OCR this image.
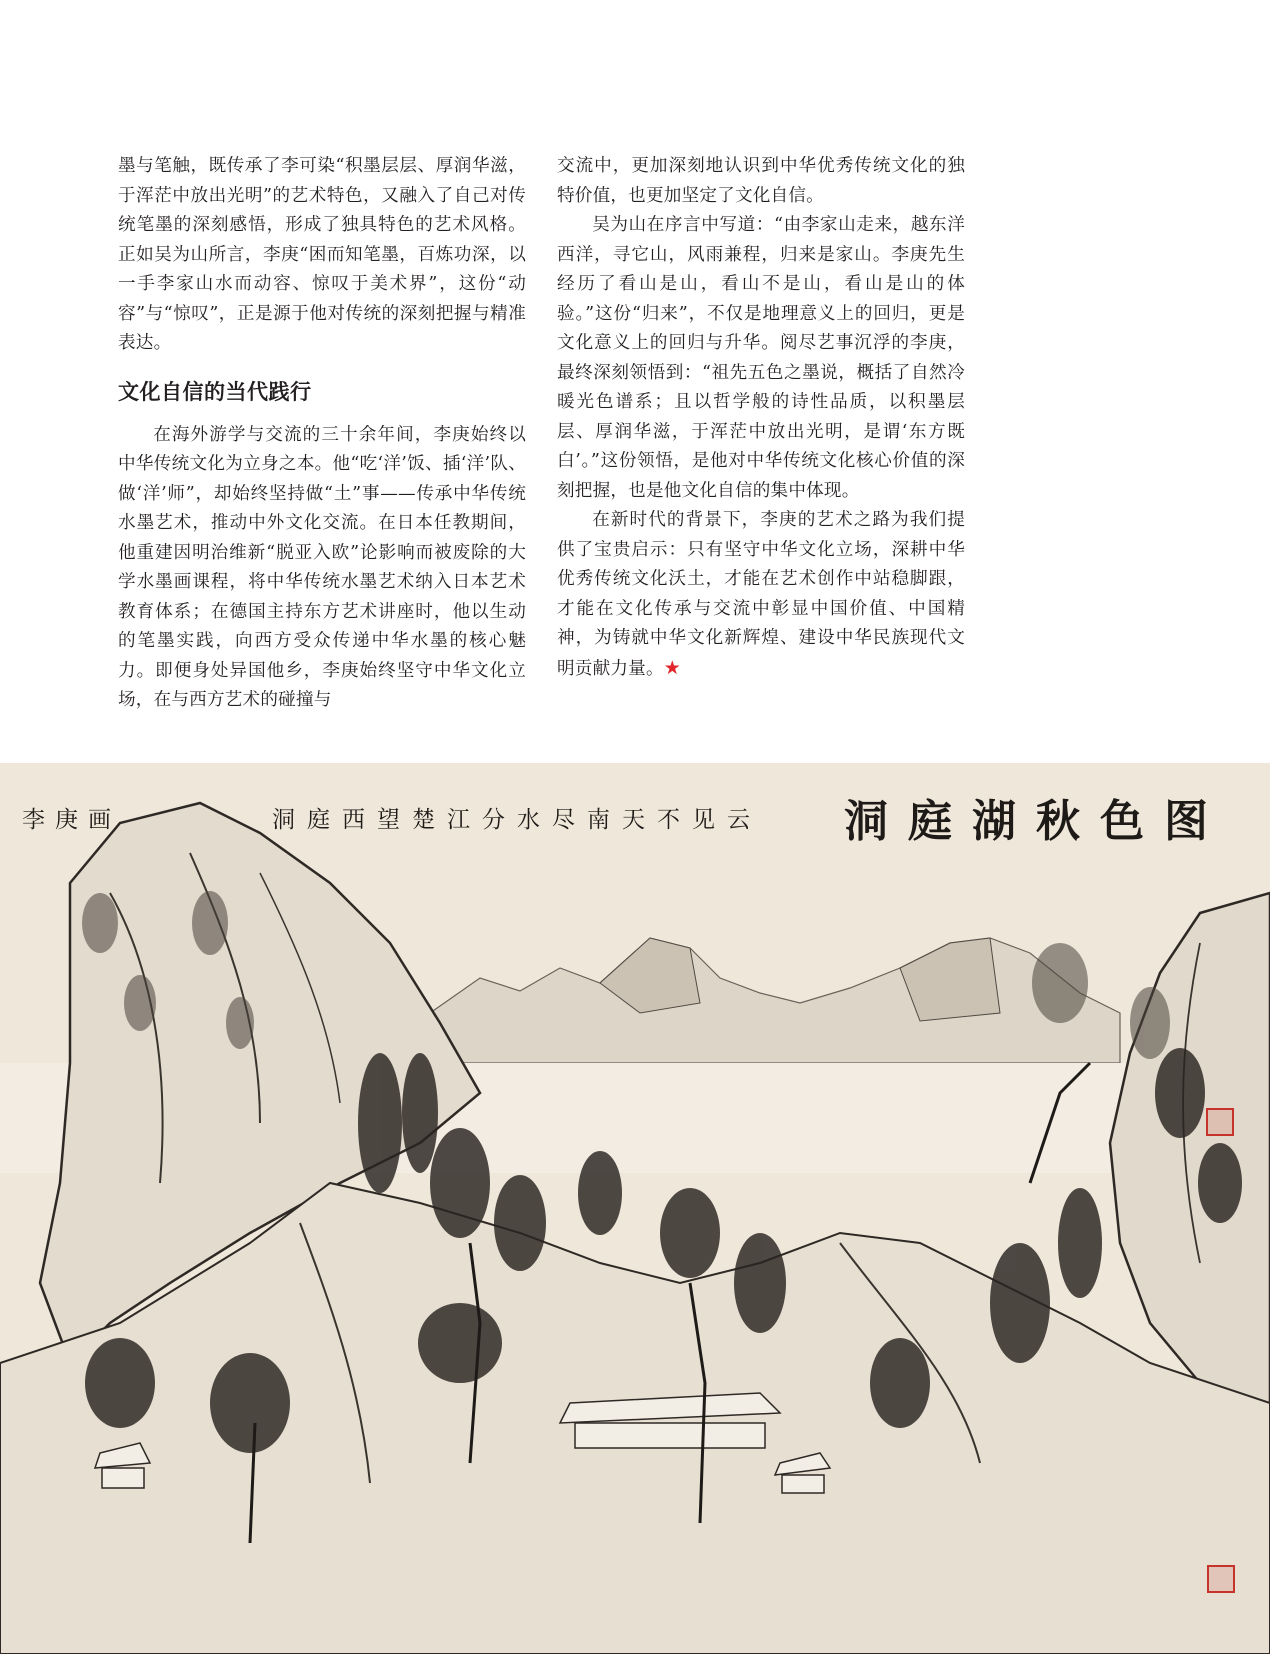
墨与笔触，既传承了李可染“积墨层层、厚润华滋，于浑茫中放出光明”的艺术特色，又融入了自己对传统笔墨的深刻感悟，形成了独具特色的艺术风格。正如吴为山所言，李庚“困而知笔墨，百炼功深，以一手李家山水而动容、惊叹于美术界”，这份“动容”与“惊叹”，正是源于他对传统的深刻把握与精准表达。

文化自信的当代践行

在海外游学与交流的三十余年间，李庚始终以中华传统文化为立身之本。他“吃‘洋’饭、插‘洋’队、做‘洋’师”，却始终坚持做“土”事——传承中华传统水墨艺术，推动中外文化交流。在日本任教期间，他重建因明治维新“脱亚入欧”论影响而被废除的大学水墨画课程，将中华传统水墨艺术纳入日本艺术教育体系；在德国主持东方艺术讲座时，他以生动的笔墨实践，向西方受众传递中华水墨的核心魅力。即便身处异国他乡，李庚始终坚守中华文化立场，在与西方艺术的碰撞与

交流中，更加深刻地认识到中华优秀传统文化的独特价值，也更加坚定了文化自信。

吴为山在序言中写道：“由李家山走来，越东洋西洋，寻它山，风雨兼程，归来是家山。李庚先生经历了看山是山，看山不是山，看山是山的体验。”这份“归来”，不仅是地理意义上的回归，更是文化意义上的回归与升华。阅尽艺事沉浮的李庚，最终深刻领悟到：“祖先五色之墨说，概括了自然冷暖光色谱系；且以哲学般的诗性品质，以积墨层层、厚润华滋，于浑茫中放出光明，是谓‘东方既白’。”这份领悟，是他对中华传统文化核心价值的深刻把握，也是他文化自信的集中体现。

在新时代的背景下，李庚的艺术之路为我们提供了宝贵启示：只有坚守中华文化立场，深耕中华优秀传统文化沃土，才能在艺术创作中站稳脚跟，才能在文化传承与交流中彰显中国价值、中国精神，为铸就中华文化新辉煌、建设中华民族现代文明贡献力量。★

洞庭湖秋色图
洞庭西望楚江分水尽南天不见云
李庚画
